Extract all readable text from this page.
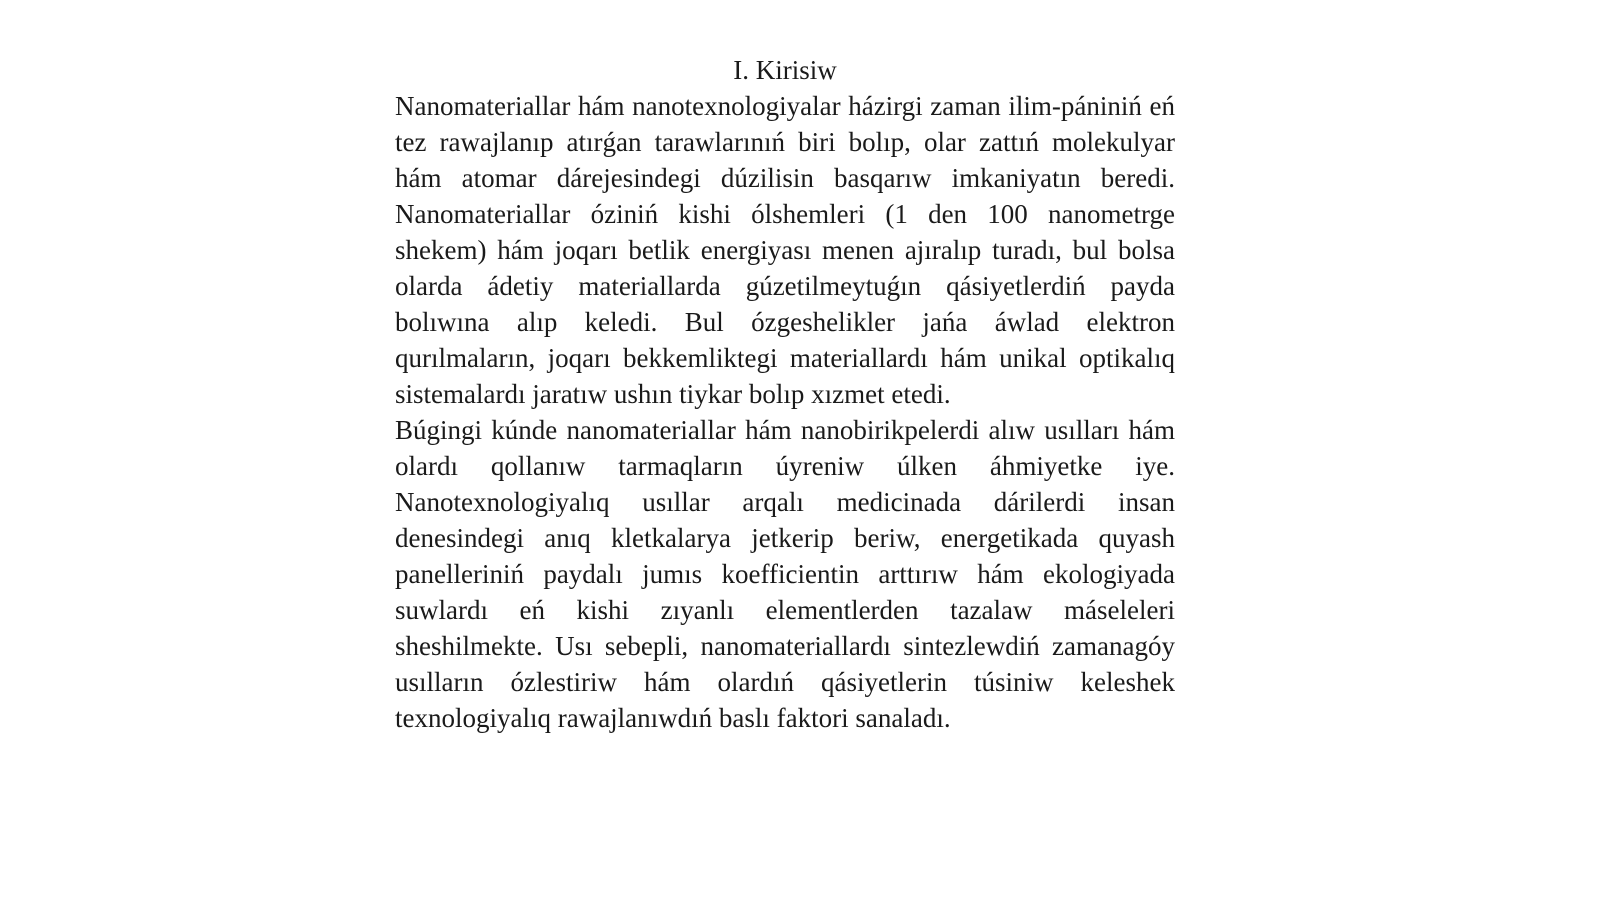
I. Kirisiw

Nanomateriallar hám nanotexnologiyalar házirgi zaman ilim-pániniń eń tez rawajlanıp atırǵan tarawlarınıń biri bolıp, olar zattıń molekulyar hám atomar dárejesindegi dúzilisin basqarıw imkaniyatın beredi. Nanomateriallar óziniń kishi ólshemleri (1 den 100 nanometrge shekem) hám joqarı betlik energiyası menen ajıralıp turadı, bul bolsa olarda ádetiy materiallarda gúzetilmeytuǵın qásiyetlerdiń payda bolıwına alıp keledi. Bul ózgeshelikler jańa áwlad elektron qurılmaların, joqarı bekkemliktegi materiallardı hám unikal optikalıq sistemalardı jaratıw ushın tiykar bolıp xızmet etedi.

Búgingi kúnde nanomateriallar hám nanobirikpelerdi alıw usılları hám olardı qollanıw tarmaqların úyreniw úlken áhmiyetke iye. Nanotexnologiyalıq usıllar arqalı medicinada dárilerdi insan denesindegi anıq kletkalarya jetkerip beriw, energetikada quyash panelleriniń paydalı jumıs koefficientin arttırıw hám ekologiyada suwlardı eń kishi zıyanlı elementlerden tazalaw máseleleri sheshilmekte. Usı sebepli, nanomateriallardı sintezlewdiń zamanagóy usılların ózlestiriw hám olardıń qásiyetlerin túsiniw keleshek texnologiyalıq rawajlanıwdıń baslı faktori sanaladı.
